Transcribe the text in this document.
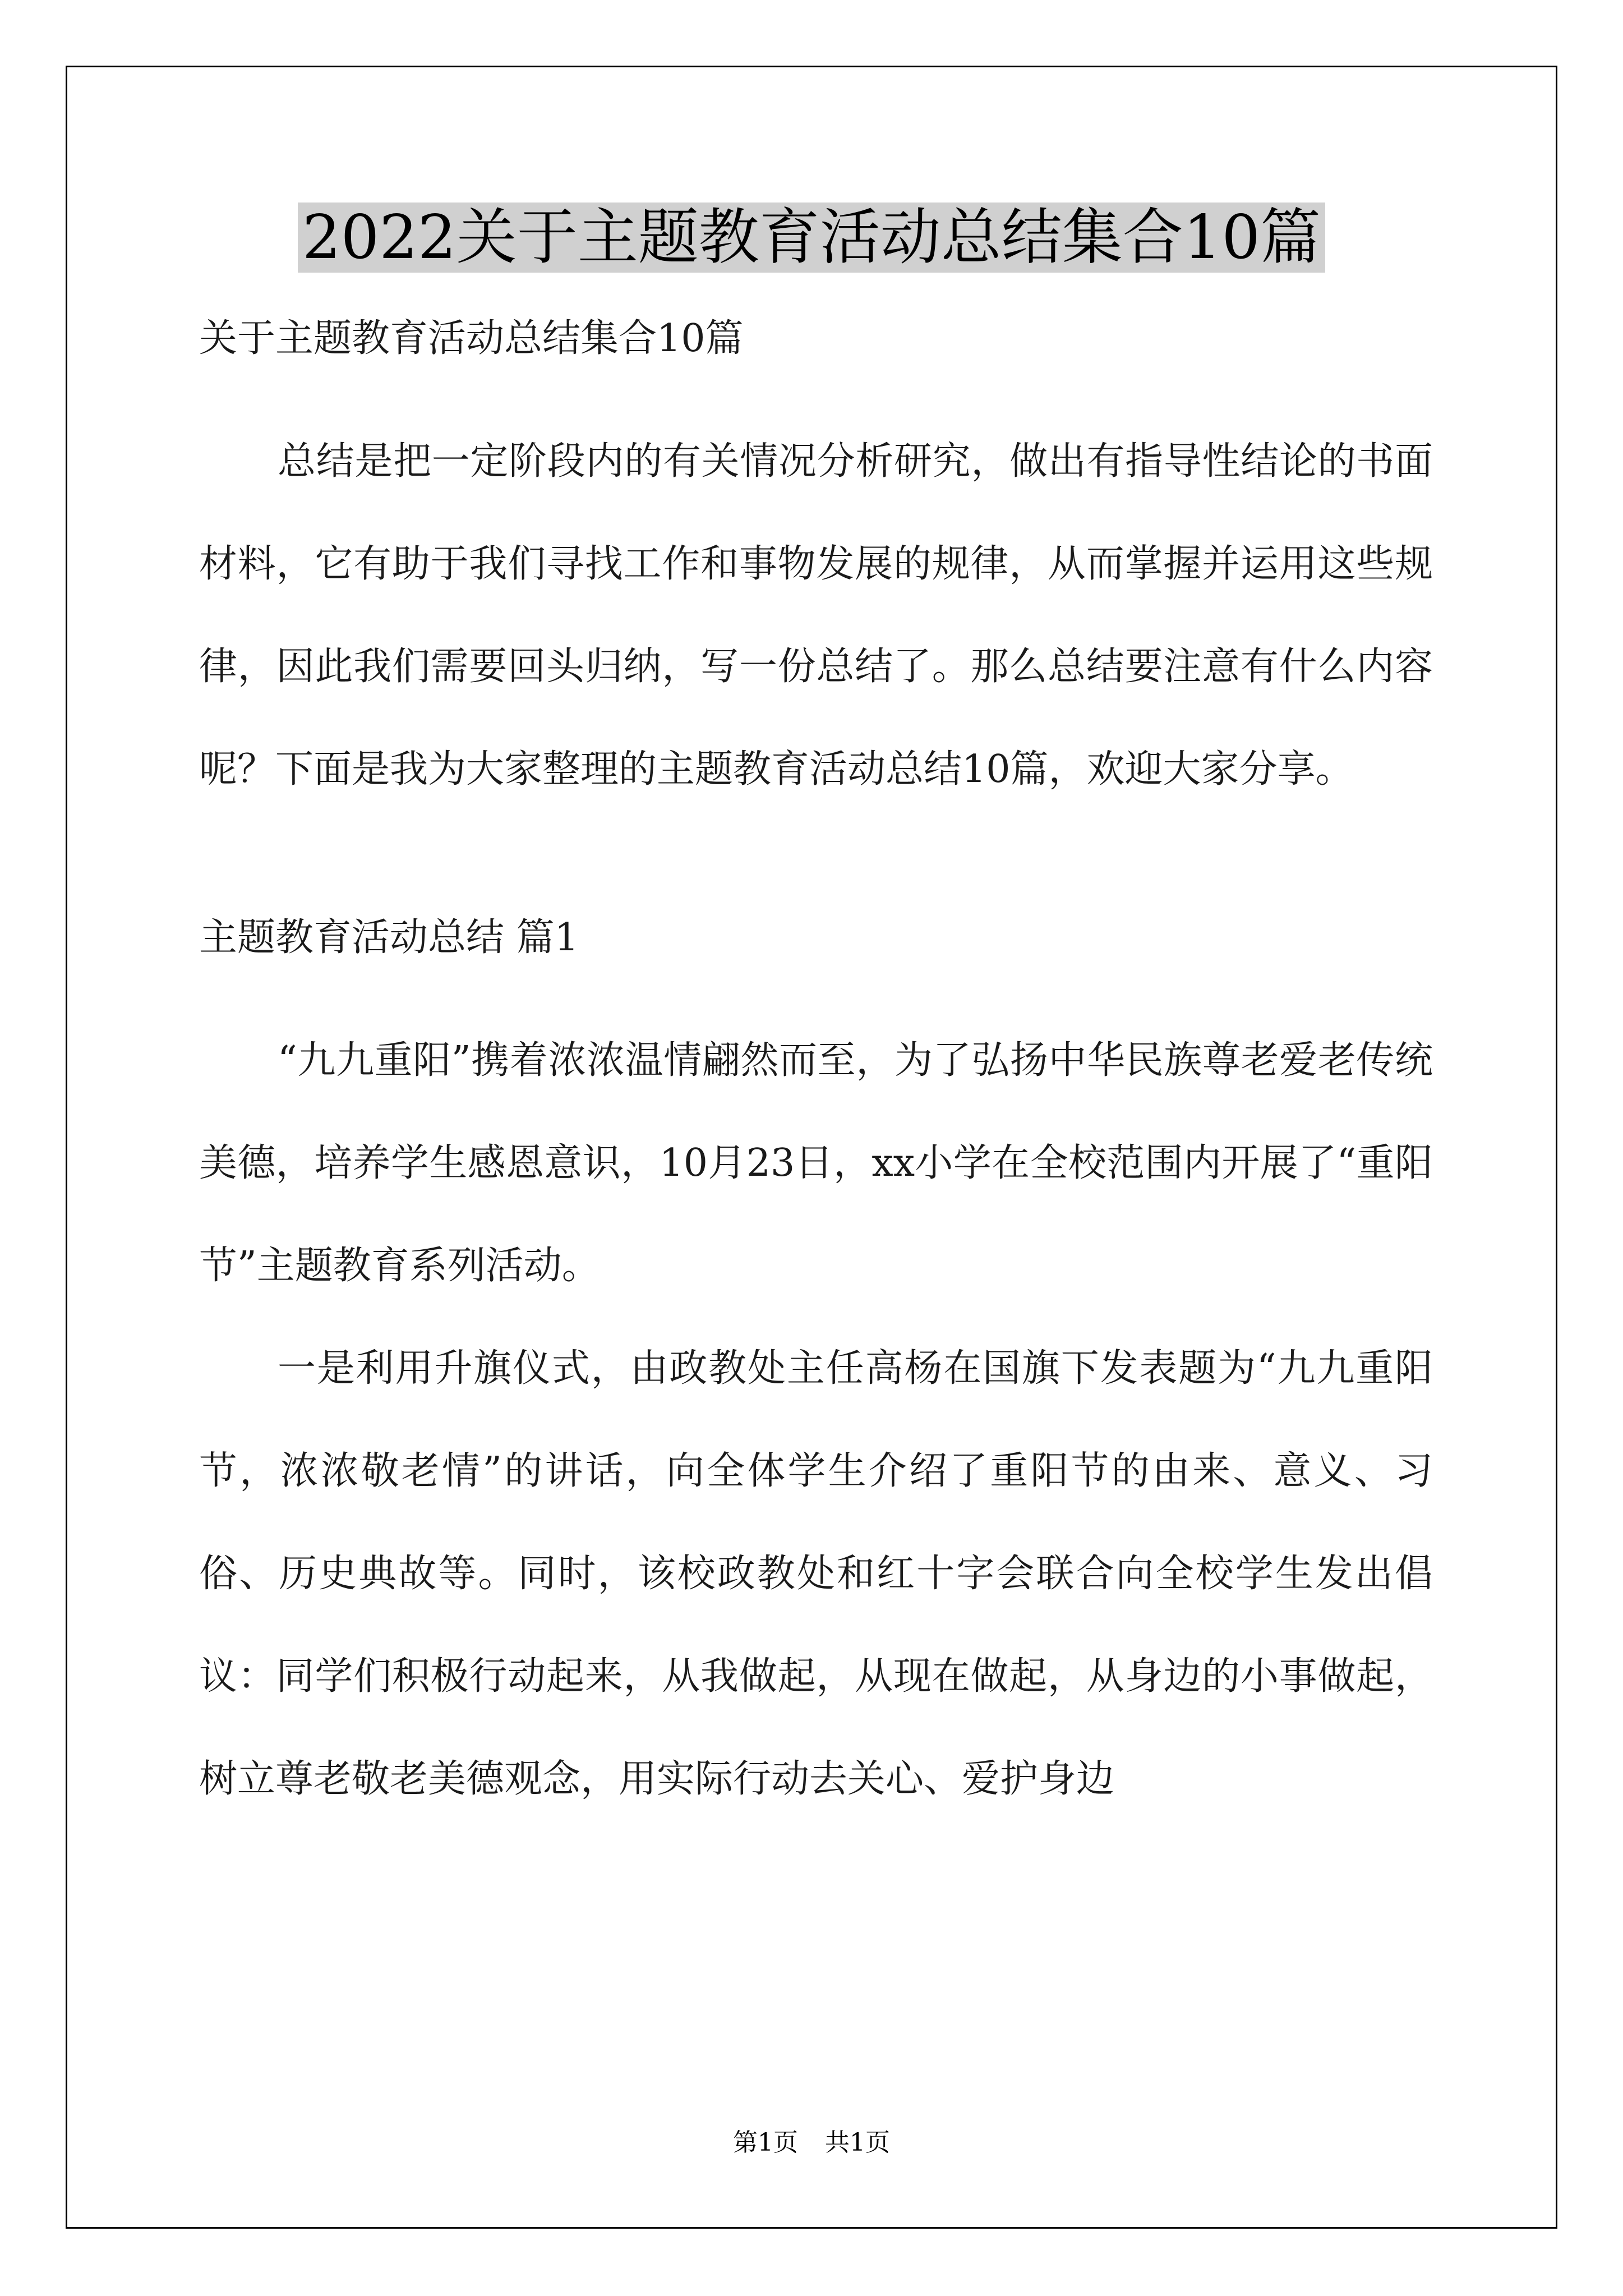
2022关于主题教育活动总结集合10篇

关于主题教育活动总结集合10篇

总结是把一定阶段内的有关情况分析研究，做出有指导性结论的书面材料，它有助于我们寻找工作和事物发展的规律，从而掌握并运用这些规律，因此我们需要回头归纳，写一份总结了。那么总结要注意有什么内容呢？下面是我为大家整理的主题教育活动总结10篇，欢迎大家分享。

主题教育活动总结 篇1

“九九重阳”携着浓浓温情翩然而至，为了弘扬中华民族尊老爱老传统美德，培养学生感恩意识，10月23日，xx小学在全校范围内开展了“重阳节”主题教育系列活动。

一是利用升旗仪式，由政教处主任高杨在国旗下发表题为“九九重阳节，浓浓敬老情”的讲话，向全体学生介绍了重阳节的由来、意义、习俗、历史典故等。同时，该校政教处和红十字会联合向全校学生发出倡议：同学们积极行动起来，从我做起，从现在做起，从身边的小事做起，树立尊老敬老美德观念，用实际行动去关心、爱护身边

第1页 共1页
